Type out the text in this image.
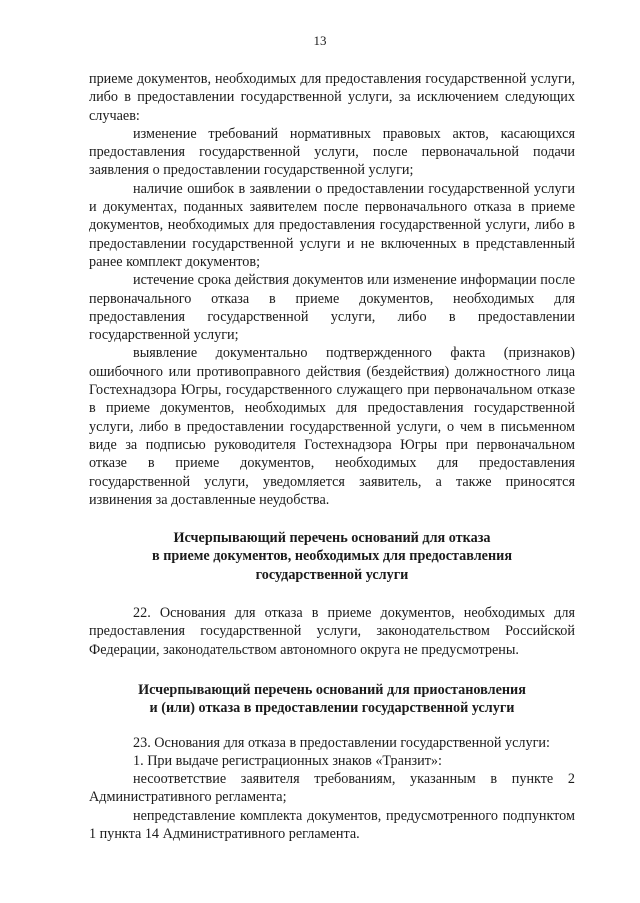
13

приеме документов, необходимых для предоставления государственной услуги, либо в предоставлении государственной услуги, за исключением следующих случаев:

изменение требований нормативных правовых актов, касающихся предоставления государственной услуги, после первоначальной подачи заявления о предоставлении государственной услуги;

наличие ошибок в заявлении о предоставлении государственной услуги и документах, поданных заявителем после первоначального отказа в приеме документов, необходимых для предоставления государственной услуги, либо в предоставлении государственной услуги и не включенных в представленный ранее комплект документов;

истечение срока действия документов или изменение информации после первоначального отказа в приеме документов, необходимых для предоставления государственной услуги, либо в предоставлении государственной услуги;

выявление документально подтвержденного факта (признаков) ошибочного или противоправного действия (бездействия) должностного лица Гостехнадзора Югры, государственного служащего при первоначальном отказе в приеме документов, необходимых для предоставления государственной услуги, либо в предоставлении государственной услуги, о чем в письменном виде за подписью руководителя Гостехнадзора Югры при первоначальном отказе в приеме документов, необходимых для предоставления государственной услуги, уведомляется заявитель, а также приносятся извинения за доставленные неудобства.

Исчерпывающий перечень оснований для отказа
в приеме документов, необходимых для предоставления
государственной услуги

22. Основания для отказа в приеме документов, необходимых для предоставления государственной услуги, законодательством Российской Федерации, законодательством автономного округа не предусмотрены.

Исчерпывающий перечень оснований для приостановления
и (или) отказа в предоставлении государственной услуги

23. Основания для отказа в предоставлении государственной услуги:

1. При выдаче регистрационных знаков «Транзит»:

несоответствие заявителя требованиям, указанным в пункте 2 Административного регламента;

непредставление комплекта документов, предусмотренного подпунктом 1 пункта 14 Административного регламента.
